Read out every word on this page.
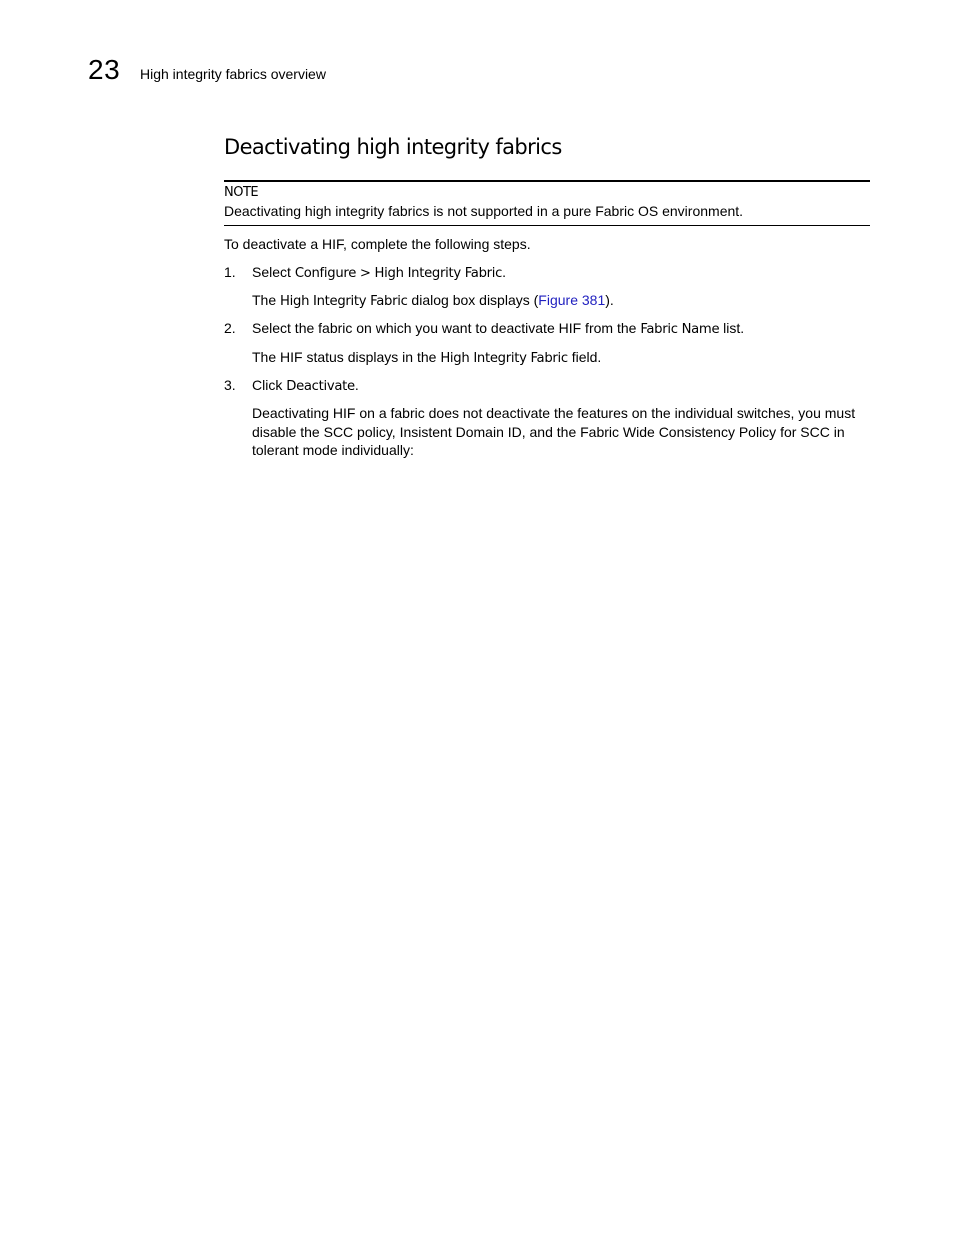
23 High integrity fabrics overview
Deactivating high integrity fabrics
NOTE
Deactivating high integrity fabrics is not supported in a pure Fabric OS environment.
To deactivate a HIF, complete the following steps.
1. Select Configure > High Integrity Fabric.
The High Integrity Fabric dialog box displays (Figure 381).
2. Select the fabric on which you want to deactivate HIF from the Fabric Name list.
The HIF status displays in the High Integrity Fabric field.
3. Click Deactivate.
Deactivating HIF on a fabric does not deactivate the features on the individual switches, you must disable the SCC policy, Insistent Domain ID, and the Fabric Wide Consistency Policy for SCC in tolerant mode individually:
